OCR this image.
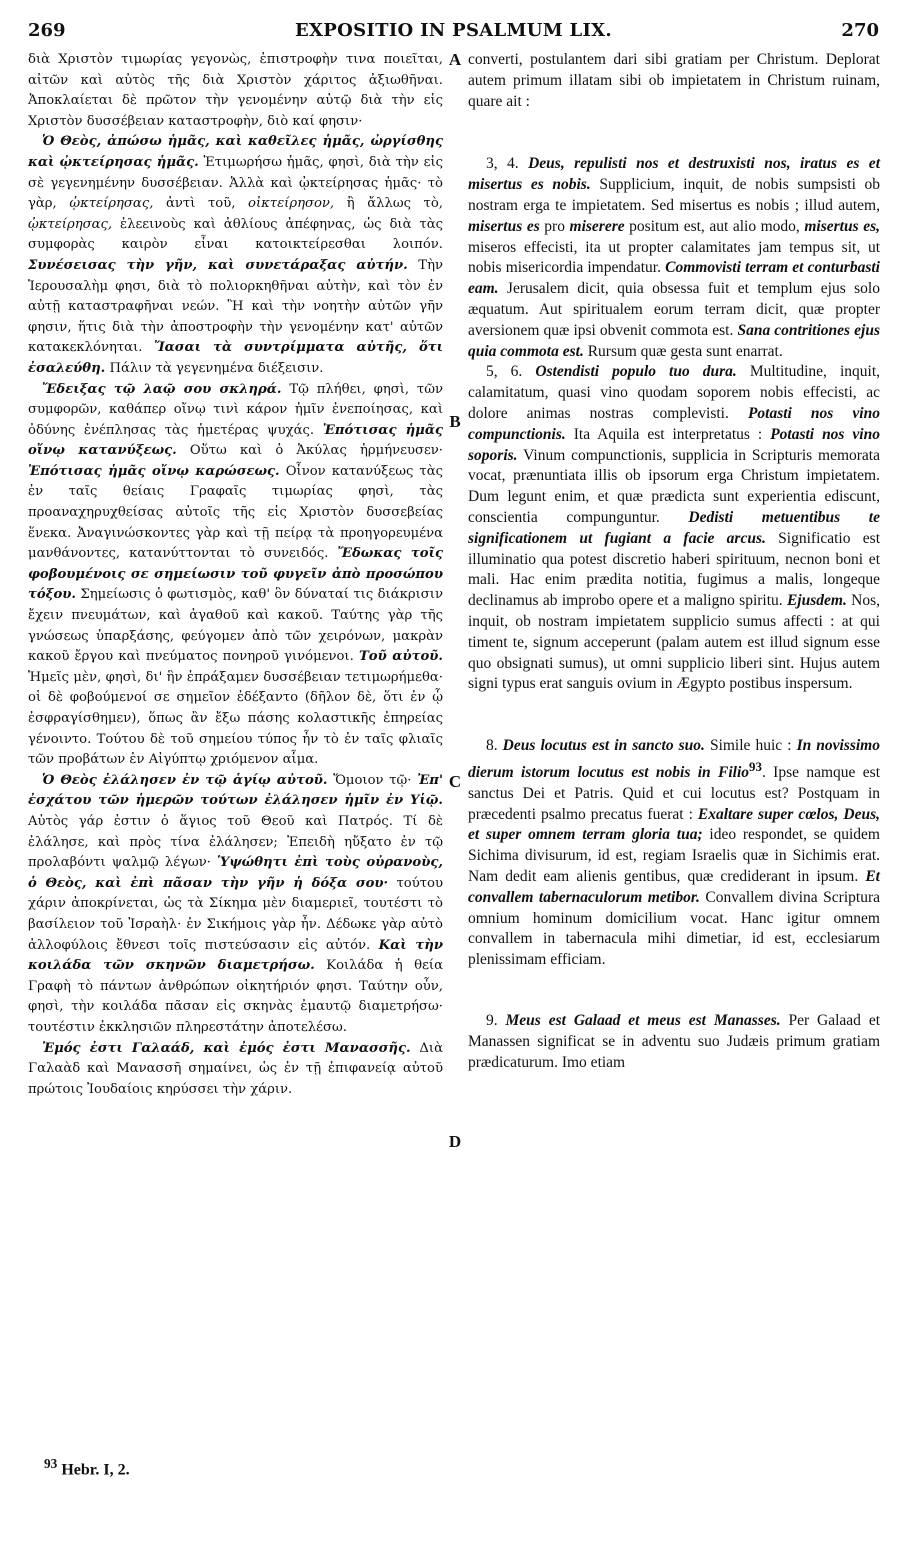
269	EXPOSITIO IN PSALMUM LIX.	270

διὰ Χριστὸν τιμωρίας γεγονὼς, ἐπιστροφὴν τινα ποιεῖται, αἰτῶν καὶ αὐτὸς τῆς διὰ Χριστὸν χάριτος ἀξιωθῆναι. Ἀποκλαίεται δὲ πρῶτον τὴν γενομένην αὐτῷ διὰ τὴν εἰς Χριστὸν δυσσέβειαν καταστροφὴν, διὸ καί φησιν·

Ὁ Θεὸς, ἀπώσω ἡμᾶς, καὶ καθεῖλες ἡμᾶς, ὠργίσθης καὶ ᾠκτείρησας ἡμᾶς. Ἐτιμωρήσω ἡμᾶς, φησὶ, διὰ τὴν εἰς σὲ γεγενημένην δυσσέβειαν. Ἀλλὰ καὶ ᾠκτείρησας ἡμᾶς· τὸ γὰρ, ᾠκτείρησας, ἀντὶ τοῦ, οἰκτείρησον, ἢ ἄλλως τὸ, ᾠκτείρησας, ἐλεεινοὺς καὶ ἀθλίους ἀπέφηνας, ὡς διὰ τὰς συμφορὰς καιρὸν εἶναι κατοικτείρεσθαι λοιπόν. Συνέσεισας τὴν γῆν, καὶ συνετάραξας αὐτήν. Τὴν Ἱερουσαλὴμ φησι, διὰ τὸ πολιορκηθῆναι αὐτὴν, καὶ τὸν ἐν αὐτῇ καταστραφῆναι νεών. Ἢ καὶ τὴν νοητὴν αὐτῶν γῆν φησιν, ἥτις διὰ τὴν ἀποστροφὴν τὴν γενομένην κατ' αὐτῶν κατακεκλόνηται. Ἴασαι τὰ συντρίμματα αὐτῆς, ὅτι ἐσαλεύθη. Πάλιν τὰ γεγενημένα διέξεισιν.

Ἔδειξας τῷ λαῷ σου σκληρά. Τῷ πλήθει, φησὶ, τῶν συμφορῶν, καθάπερ οἴνῳ τινὶ κάρον ἡμῖν ἐνεποίησας, καὶ ὀδύνης ἐνέπλησας τὰς ἡμετέρας ψυχάς. Ἐπότισας ἡμᾶς οἴνῳ κατανύξεως. Οὕτω καὶ ὁ Ἀκύλας ἡρμήνευσεν· Ἐπότισας ἡμᾶς οἴνῳ καρώσεως. Οἶνον κατανύξεως τὰς ἐν ταῖς θείαις Γραφαῖς τιμωρίας φησὶ, τὰς προαναχηρυχθείσας αὐτοῖς τῆς εἰς Χριστὸν δυσσεβείας ἕνεκα. Ἀναγινώσκοντες γὰρ καὶ τῇ πείρᾳ τὰ προηγορευμένα μανθάνοντες, κατανύττονται τὸ συνειδός. Ἔδωκας τοῖς φοβουμένοις σε σημείωσιν τοῦ φυγεῖν ἀπὸ προσώπου τόξου. Σημείωσις ὁ φωτισμὸς, καθ' ὃν δύναταί τις διάκρισιν ἔχειν πνευμάτων, καὶ ἀγαθοῦ καὶ κακοῦ. Ταύτης γὰρ τῆς γνώσεως ὑπαρξάσης, φεύγομεν ἀπὸ τῶν χειρόνων, μακρὰν κακοῦ ἔργου καὶ πνεύματος πονηροῦ γινόμενοι. Τοῦ αὐτοῦ. Ἡμεῖς μὲν, φησὶ, δι' ἣν ἐπράξαμεν δυσσέβειαν τετιμωρήμεθα· οἱ δὲ φοβούμενοί σε σημεῖον ἐδέξαντο (δῆλον δὲ, ὅτι ἐν ᾧ ἐσφραγίσθημεν), ὅπως ἂν ἔξω πάσης κολαστικῆς ἐπηρείας γένοιντο. Τούτου δὲ τοῦ σημείου τύπος ἦν τὸ ἐν ταῖς φλιαῖς τῶν προβάτων ἐν Αἰγύπτῳ χριόμενον αἷμα.

Ὁ Θεὸς ἐλάλησεν ἐν τῷ ἁγίῳ αὐτοῦ. Ὅμοιον τῷ· Ἐπ' ἐσχάτου τῶν ἡμερῶν τούτων ἐλάλησεν ἡμῖν ἐν Υἱῷ. Αὐτὸς γάρ ἐστιν ὁ ἅγιος τοῦ Θεοῦ καὶ Πατρός. Τί δὲ ἐλάλησε, καὶ πρὸς τίνα ἐλάλησεν; Ἐπειδὴ ηὔξατο ἐν τῷ προλαβόντι ψαλμῷ λέγων· Ὑψώθητι ἐπὶ τοὺς οὐρανοὺς, ὁ Θεὸς, καὶ ἐπὶ πᾶσαν τὴν γῆν ἡ δόξα σου· τούτου χάριν ἀποκρίνεται, ὡς τὰ Σίκημα μὲν διαμεριεῖ, τουτέστι τὸ βασίλειον τοῦ Ἰσραὴλ· ἐν Σικήμοις γὰρ ἦν. Δέδωκε γὰρ αὐτὸ ἀλλοφύλοις ἔθνεσι τοῖς πιστεύσασιν εἰς αὐτόν. Καὶ τὴν κοιλάδα τῶν σκηνῶν διαμετρήσω. Κοιλάδα ἡ θεία Γραφὴ τὸ πάντων ἀνθρώπων οἰκητήριόν φησι. Ταύτην οὖν, φησὶ, τὴν κοιλάδα πᾶσαν εἰς σκηνὰς ἐμαυτῷ διαμετρήσω· τουτέστιν ἐκκλησιῶν πληρεστάτην ἀποτελέσω.

Ἐμός ἐστι Γαλαάδ, καὶ ἐμός ἐστι Μανασσῆς. Διὰ Γαλαὰδ καὶ Μανασσῆ σημαίνει, ὡς ἐν τῇ ἐπιφανείᾳ αὐτοῦ πρώτοις Ἰουδαίοις κηρύσσει τὴν χάριν.

A
B
C
D

converti, postulantem dari sibi gratiam per Christum. Deplorat autem primum illatam sibi ob impietatem in Christum ruinam, quare ait :

3, 4. Deus, repulisti nos et destruxisti nos, iratus es et misertus es nobis. Supplicium, inquit, de nobis sumpsisti ob nostram erga te impietatem. Sed misertus es nobis ; illud autem, misertus es pro miserere positum est, aut alio modo, misertus es, miseros effecisti, ita ut propter calamitates jam tempus sit, ut nobis misericordia impendatur. Commovisti terram et conturbasti eam. Jerusalem dicit, quia obsessa fuit et templum ejus solo æquatum. Aut spiritualem eorum terram dicit, quæ propter aversionem quæ ipsi obvenit commota est. Sana contritiones ejus quia commota est. Rursum quæ gesta sunt enarrat.

5, 6. Ostendisti populo tuo dura. Multitudine, inquit, calamitatum, quasi vino quodam soporem nobis effecisti, ac dolore animas nostras complevisti. Potasti nos vino compunctionis. Ita Aquila est interpretatus : Potasti nos vino soporis. Vinum compunctionis, supplicia in Scripturis memorata vocat, prænuntiata illis ob ipsorum erga Christum impietatem. Dum legunt enim, et quæ prædicta sunt experientia ediscunt, conscientia compunguntur. Dedisti metuentibus te significationem ut fugiant a facie arcus. Significatio est illuminatio qua potest discretio haberi spirituum, necnon boni et mali. Hac enim prædita notitia, fugimus a malis, longeque declinamus ab improbo opere et a maligno spiritu. Ejusdem. Nos, inquit, ob nostram impietatem supplicio sumus affecti : at qui timent te, signum acceperunt (palam autem est illud signum esse quo obsignati sumus), ut omni supplicio liberi sint. Hujus autem signi typus erat sanguis ovium in Ægypto postibus inspersum.

8. Deus locutus est in sancto suo. Simile huic : In novissimo dierum istorum locutus est nobis in Filio$^{93}$. Ipse namque est sanctus Dei et Patris. Quid et cui locutus est? Postquam in præcedenti psalmo precatus fuerat : Exaltare super cœlos, Deus, et super omnem terram gloria tua; ideo respondet, se quidem Sichima divisurum, id est, regiam Israelis quæ in Sichimis erat. Nam dedit eam alienis gentibus, quæ crediderant in ipsum. Et convallem tabernaculorum metibor. Convallem divina Scriptura omnium hominum domicilium vocat. Hanc igitur omnem convallem in tabernacula mihi dimetiar, id est, ecclesiarum plenissimam efficiam.

9. Meus est Galaad et meus est Manasses. Per Galaad et Manassen significat se in adventu suo Judæis primum gratiam prædicaturum. Imo etiam

$^{93}$ Hebr. I, 2.
